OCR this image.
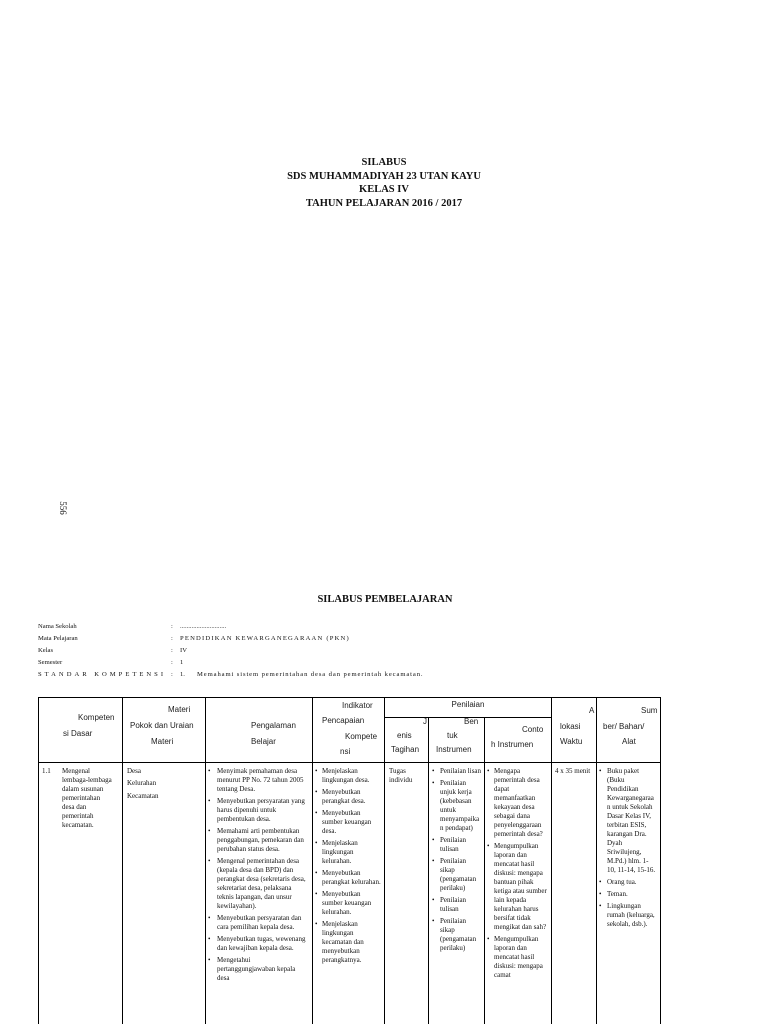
SILABUS
SDS MUHAMMADIYAH 23 UTAN KAYU
KELAS IV
TAHUN PELAJARAN 2016 / 2017
556
SILABUS PEMBELAJARAN
Nama Sekolah	: ............................
Mata Pelajaran	: PENDIDIKAN KEWARGANEGARAAN (PKN)
Kelas	: IV
Semester	: 1
STANDAR KOMPETENSI : 1. Memahami sistem pemerintahan desa dan pemerintah kecamatan.
Kompeten
si Dasar
Materi
Pokok dan Uraian
Materi
Pengalaman
Belajar
Indikator
Pencapaian
Kompete
nsi
Penilaian
J
enis
Tagihan
Ben
tuk
Instrumen
Conto
h Instrumen
A
lokasi
Waktu
Sum
ber/ Bahan/
Alat
1.1	Mengenal lembaga-lembaga dalam susunan pemerintahan desa dan pemerintah kecamatan.
Desa
Kelurahan
Kecamatan
• Menyimak pemahaman desa menurut PP No. 72 tahun 2005 tentang Desa.
• Menyebutkan persyaratan yang harus dipenuhi untuk pembentukan desa.
• Memahami arti pembentukan penggabungan, pemekaran dan perubahan status desa.
• Mengenal pemerintahan desa (kepala desa dan BPD) dan perangkat desa (sekretaris desa, sekretariat desa, pelaksana teknis lapangan, dan unsur kewilayahan).
• Menyebutkan persyaratan dan cara pemilihan kepala desa.
• Menyebutkan tugas, wewenang dan kewajiban kepala desa.
• Mengetahui pertanggungjawaban kepala desa
• Menjelaskan lingkungan desa.
• Menyebutkan perangkat desa.
• Menyebutkan sumber keuangan desa.
• Menjelaskan lingkungan kelurahan.
• Menyebutkan perangkat kelurahan.
• Menyebutkan sumber keuangan kelurahan.
• Menjelaskan lingkungan kecamatan dan menyebutkan perangkatnya.
Tugas individu
• Penilaian lisan
• Penilaian unjuk kerja (kebebasan untuk menyampaikan pendapat)
• Penilaian tulisan
• Penilaian sikap (pengamatan perilaku)
• Penilaian tulisan
• Penilaian sikap (pengamatan perilaku)
• Mengapa pemerintah desa dapat memanfaatkan kekayaan desa sebagai dana penyelenggaraan pemerintah desa?
• Mengumpulkan laporan dan mencatat hasil diskusi: mengapa bantuan pihak ketiga atau sumber lain kepada kelurahan harus bersifat tidak mengikat dan sah?
• Mengumpulkan laporan dan mencatat hasil diskusi: mengapa camat
4 x 35 menit
•	Buku paket (Buku Pendidikan Kewarganegaraan untuk Sekolah Dasar Kelas IV, terbitan ESIS, karangan Dra. Dyah Sriwilujeng, M.Pd.) hlm. 1-10, 11-14, 15-16.
• Orang tua.
• Teman.
• Lingkungan rumah (keluarga, sekolah, dsb.).
